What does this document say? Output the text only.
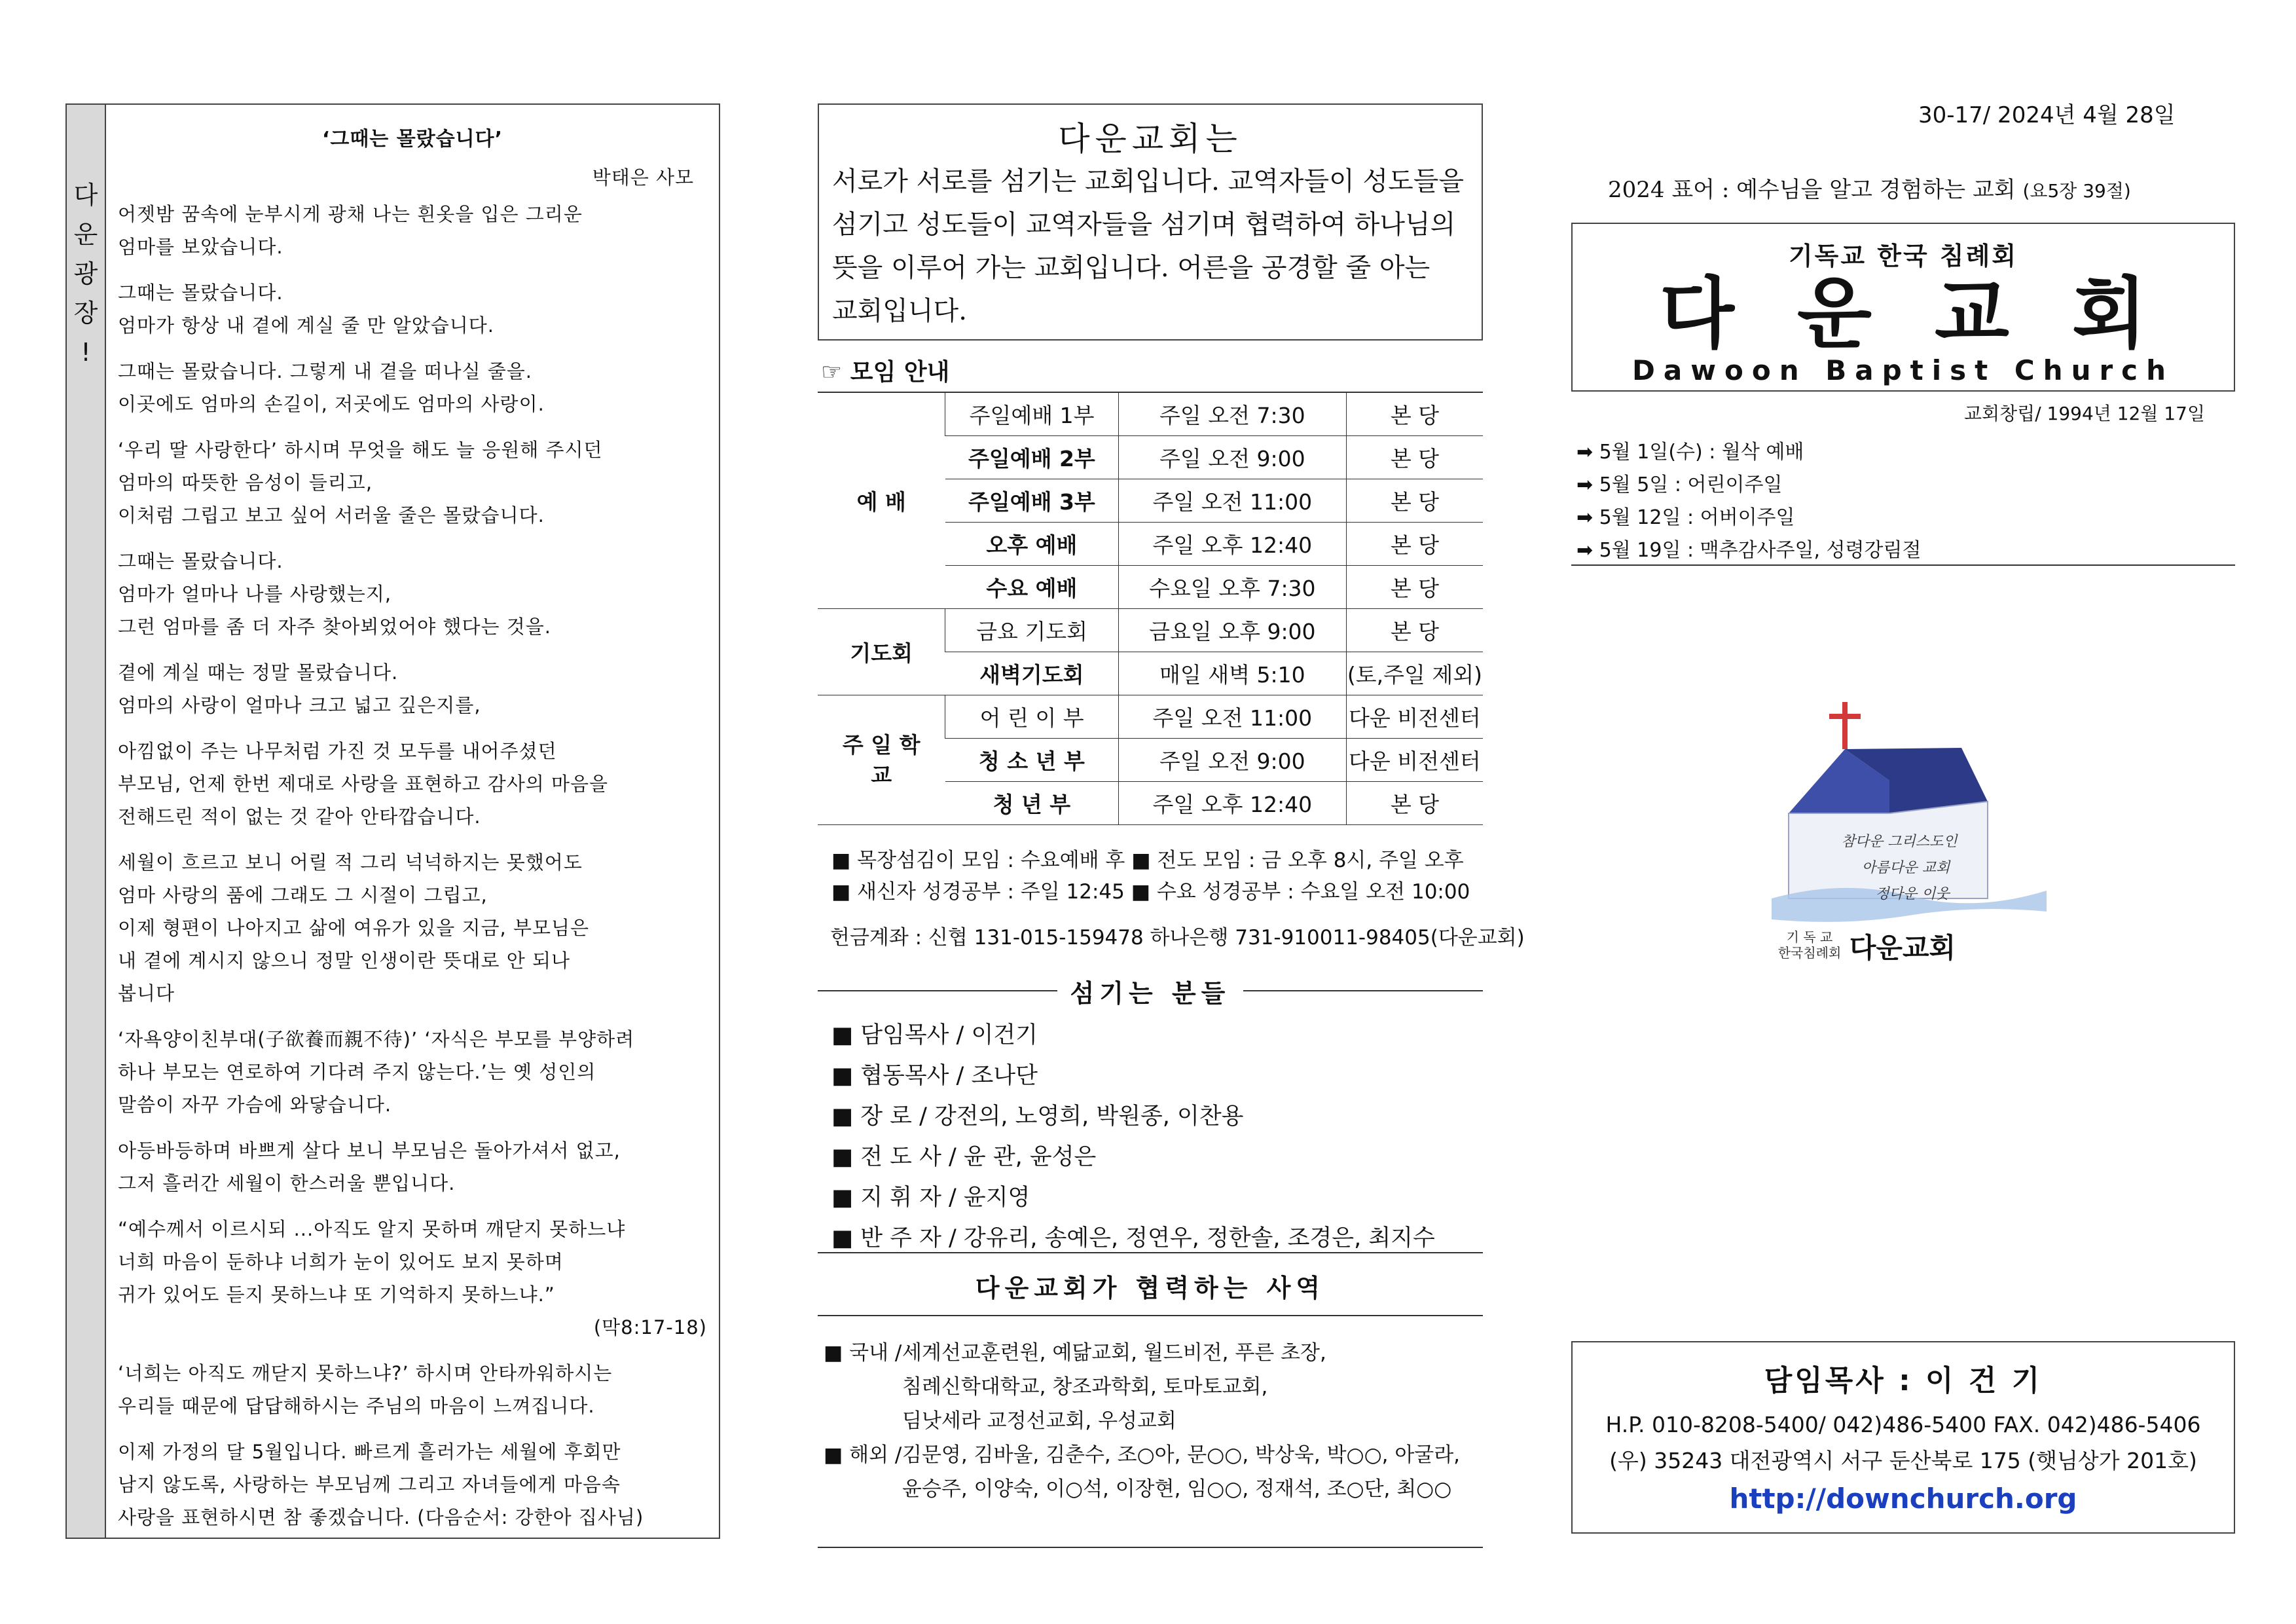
다
운
광
장
!
‘그때는 몰랐습니다’
박태은 사모
어젯밤 꿈속에 눈부시게 광채 나는 흰옷을 입은 그리운
엄마를 보았습니다.
그때는 몰랐습니다.
엄마가 항상 내 곁에 계실 줄 만 알았습니다.
그때는 몰랐습니다. 그렇게 내 곁을 떠나실 줄을.
이곳에도 엄마의 손길이, 저곳에도 엄마의 사랑이.
‘우리 딸 사랑한다’ 하시며 무엇을 해도 늘 응원해 주시던
엄마의 따뜻한 음성이 들리고,
이처럼 그립고 보고 싶어 서러울 줄은 몰랐습니다.
그때는 몰랐습니다.
엄마가 얼마나 나를 사랑했는지,
그런 엄마를 좀 더 자주 찾아뵈었어야 했다는 것을.
곁에 계실 때는 정말 몰랐습니다.
엄마의 사랑이 얼마나 크고 넓고 깊은지를,
아낌없이 주는 나무처럼 가진 것 모두를 내어주셨던
부모님, 언제 한번 제대로 사랑을 표현하고 감사의 마음을
전해드린 적이 없는 것 같아 안타깝습니다.
세월이 흐르고 보니 어릴 적 그리 넉넉하지는 못했어도
엄마 사랑의 품에 그래도 그 시절이 그립고,
이제 형편이 나아지고 삶에 여유가 있을 지금, 부모님은
내 곁에 계시지 않으니 정말 인생이란 뜻대로 안 되나
봅니다
‘자욕양이친부대(子欲養而親不待)’ ‘자식은 부모를 부양하려
하나 부모는 연로하여 기다려 주지 않는다.’는 옛 성인의
말씀이 자꾸 가슴에 와닿습니다.
아등바등하며 바쁘게 살다 보니 부모님은 돌아가셔서 없고,
그저 흘러간 세월이 한스러울 뿐입니다.
“예수께서 이르시되 ...아직도 알지 못하며 깨닫지 못하느냐
너희 마음이 둔하냐 너희가 눈이 있어도 보지 못하며
귀가 있어도 듣지 못하느냐 또 기억하지 못하느냐.”
(막8:17-18)
‘너희는 아직도 깨닫지 못하느냐?’ 하시며 안타까워하시는
우리들 때문에 답답해하시는 주님의 마음이 느껴집니다.
이제 가정의 달 5월입니다. 빠르게 흘러가는 세월에 후회만
남지 않도록, 사랑하는 부모님께 그리고 자녀들에게 마음속
사랑을 표현하시면 참 좋겠습니다. (다음순서: 강한아 집사님)
다운교회는
서로가 서로를 섬기는 교회입니다. 교역자들이 성도들을
섬기고 성도들이 교역자들을 섬기며 협력하여 하나님의
뜻을 이루어 가는 교회입니다. 어른을 공경할 줄 아는
교회입니다.
☞ 모임 안내
예 배	주일예배 1부	주일 오전 7:30	본 당
	주일예배 2부	주일 오전 9:00	본 당
	주일예배 3부	주일 오전 11:00	본 당
	오후 예배	주일 오후 12:40	본 당
	수요 예배	수요일 오후 7:30	본 당
기도회	금요 기도회	금요일 오후 9:00	본 당
	새벽기도회	매일 새벽 5:10	(토,주일 제외)
주 일 학 교	어 린 이 부	주일 오전 11:00	다운 비전센터
	청 소 년 부	주일 오전 9:00	다운 비전센터
	청 년 부	주일 오후 12:40	본 당
■ 목장섬김이 모임 : 수요예배 후 ■ 전도 모임 : 금 오후 8시, 주일 오후
■ 새신자 성경공부 : 주일 12:45 ■ 수요 성경공부 : 수요일 오전 10:00
헌금계좌 : 신협 131-015-159478 하나은행 731-910011-98405(다운교회)
섬기는 분들
■ 담임목사 / 이건기
■ 협동목사 / 조나단
■ 장 로 / 강전의, 노영희, 박원종, 이찬용
■ 전 도 사 / 윤 관, 윤성은
■ 지 휘 자 / 윤지영
■ 반 주 자 / 강유리, 송예은, 정연우, 정한솔, 조경은, 최지수
다운교회가 협력하는 사역
■ 국내 / 세계선교훈련원, 예닮교회, 월드비전, 푸른 초장,
침례신학대학교, 창조과학회, 토마토교회,
딤낫세라 교정선교회, 우성교회
■ 해외 / 김문영, 김바울, 김춘수, 조○아, 문○○, 박상욱, 박○○, 아굴라,
윤승주, 이양숙, 이○석, 이장현, 임○○, 정재석, 조○단, 최○○
30-17/ 2024년 4월 28일
2024 표어 : 예수님을 알고 경험하는 교회 (요5장 39절)
기독교 한국 침례회
다운교회
Dawoon Baptist Church
교회창립/ 1994년 12월 17일
➡ 5월 1일(수) : 월삭 예배
➡ 5월 5일 : 어린이주일
➡ 5월 12일 : 어버이주일
➡ 5월 19일 : 맥추감사주일, 성령강림절
참다운 그리스도인
아름다운 교회
정다운 이웃
기 독 교
한국침례회 다운교회
담임목사 : 이 건 기
H.P. 010-8208-5400/ 042)486-5400 FAX. 042)486-5406
(우) 35243 대전광역시 서구 둔산북로 175 (햇님상가 201호)
http://downchurch.org
